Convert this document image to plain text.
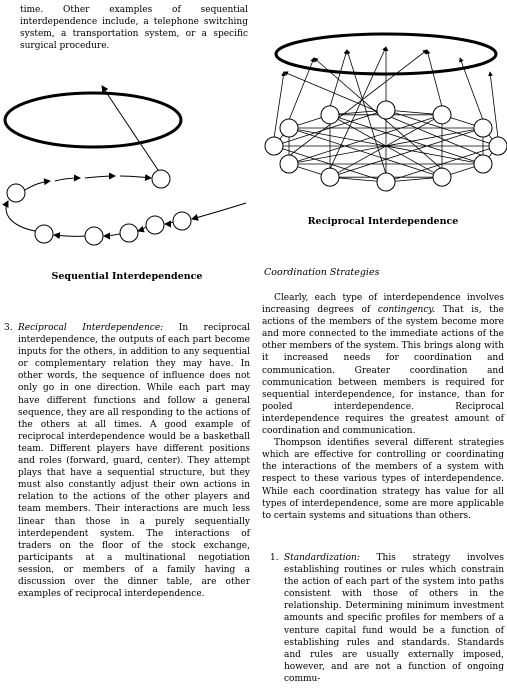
time. Other examples of sequential interdependence include, a telephone switching system, a transportation system, or a specific surgical procedure.

Sequential Interdependence
3. Reciprocal Interdependence: In reciprocal interdependence, the outputs of each part become inputs for the others, in addition to any sequential or complementary relation they may have. In other words, the sequence of influence does not only go in one direction. While each part may have different functions and follow a general sequence, they are all responding to the actions of the others at all times. A good example of reciprocal interdependence would be a basketball team. Different players have different positions and roles (forward, guard, center). They attempt plays that have a sequential structure, but they must also constantly adjust their own actions in relation to the actions of the other players and team members. Their interactions are much less linear than those in a purely sequentially interdependent system. The interactions of traders on the floor of the stock exchange, participants at a multinational negotiation session, or members of a family having a discussion over the dinner table, are other examples of reciprocal interdependence.

Reciprocal Interdependence
Coordination Strategies

Clearly, each type of interdependence involves increasing degrees of contingency. That is, the actions of the members of the system become more and more connected to the immediate actions of the other members of the system. This brings along with it increased needs for coordination and communication. Greater coordination and communication between members is required for sequential interdependence, for instance, than for pooled interdependence. Reciprocal interdependence requires the greatest amount of coordination and communication.

Thompson identifies several different strategies which are effective for controlling or coordinating the interactions of the members of a system with respect to these various types of interdependence. While each coordination strategy has value for all types of interdependence, some are more applicable to certain systems and situations than others.

1. Standardization: This strategy involves establishing routines or rules which constrain the action of each part of the system into paths consistent with those of others in the relationship. Determining minimum investment amounts and specific profiles for members of a venture capital fund would be a function of establishing rules and standards. Standards and rules are usually externally imposed, however, and are not a function of ongoing commu-
